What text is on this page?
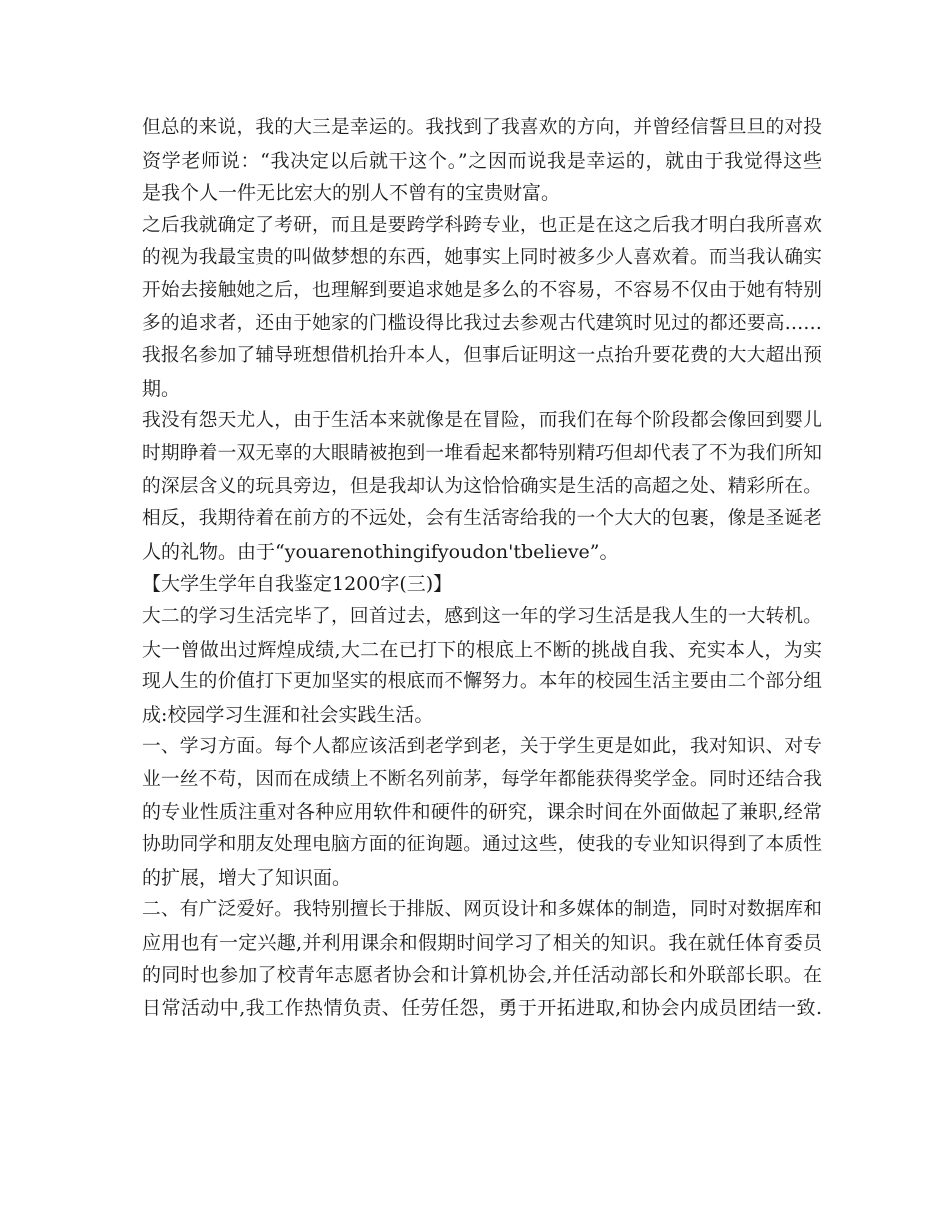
但总的来说，我的大三是幸运的。我找到了我喜欢的方向，并曾经信誓旦旦的对投
资学老师说：“我决定以后就干这个。”之因而说我是幸运的，就由于我觉得这些
是我个人一件无比宏大的别人不曾有的宝贵财富。
之后我就确定了考研，而且是要跨学科跨专业，也正是在这之后我才明白我所喜欢
的视为我最宝贵的叫做梦想的东西，她事实上同时被多少人喜欢着。而当我认确实
开始去接触她之后，也理解到要追求她是多么的不容易，不容易不仅由于她有特别
多的追求者，还由于她家的门槛设得比我过去参观古代建筑时见过的都还要高……
我报名参加了辅导班想借机抬升本人，但事后证明这一点抬升要花费的大大超出预
期。
我没有怨天尤人，由于生活本来就像是在冒险，而我们在每个阶段都会像回到婴儿
时期睁着一双无辜的大眼睛被抱到一堆看起来都特别精巧但却代表了不为我们所知
的深层含义的玩具旁边，但是我却认为这恰恰确实是生活的高超之处、精彩所在。
相反，我期待着在前方的不远处，会有生活寄给我的一个大大的包裹，像是圣诞老
人的礼物。由于“youarenothingifyoudon'tbelieve”。
【大学生学年自我鉴定1200字(三)】
大二的学习生活完毕了，回首过去，感到这一年的学习生活是我人生的一大转机。
大一曾做出过辉煌成绩,大二在已打下的根底上不断的挑战自我、充实本人，为实
现人生的价值打下更加坚实的根底而不懈努力。本年的校园生活主要由二个部分组
成:校园学习生涯和社会实践生活。
一、学习方面。每个人都应该活到老学到老，关于学生更是如此，我对知识、对专
业一丝不苟，因而在成绩上不断名列前茅，每学年都能获得奖学金。同时还结合我
的专业性质注重对各种应用软件和硬件的研究，课余时间在外面做起了兼职,经常
协助同学和朋友处理电脑方面的征询题。通过这些，使我的专业知识得到了本质性
的扩展，增大了知识面。
二、有广泛爱好。我特别擅长于排版、网页设计和多媒体的制造，同时对数据库和
应用也有一定兴趣,并利用课余和假期时间学习了相关的知识。我在就任体育委员
的同时也参加了校青年志愿者协会和计算机协会,并任活动部长和外联部长职。在
日常活动中,我工作热情负责、任劳任怨，勇于开拓进取,和协会内成员团结一致.
